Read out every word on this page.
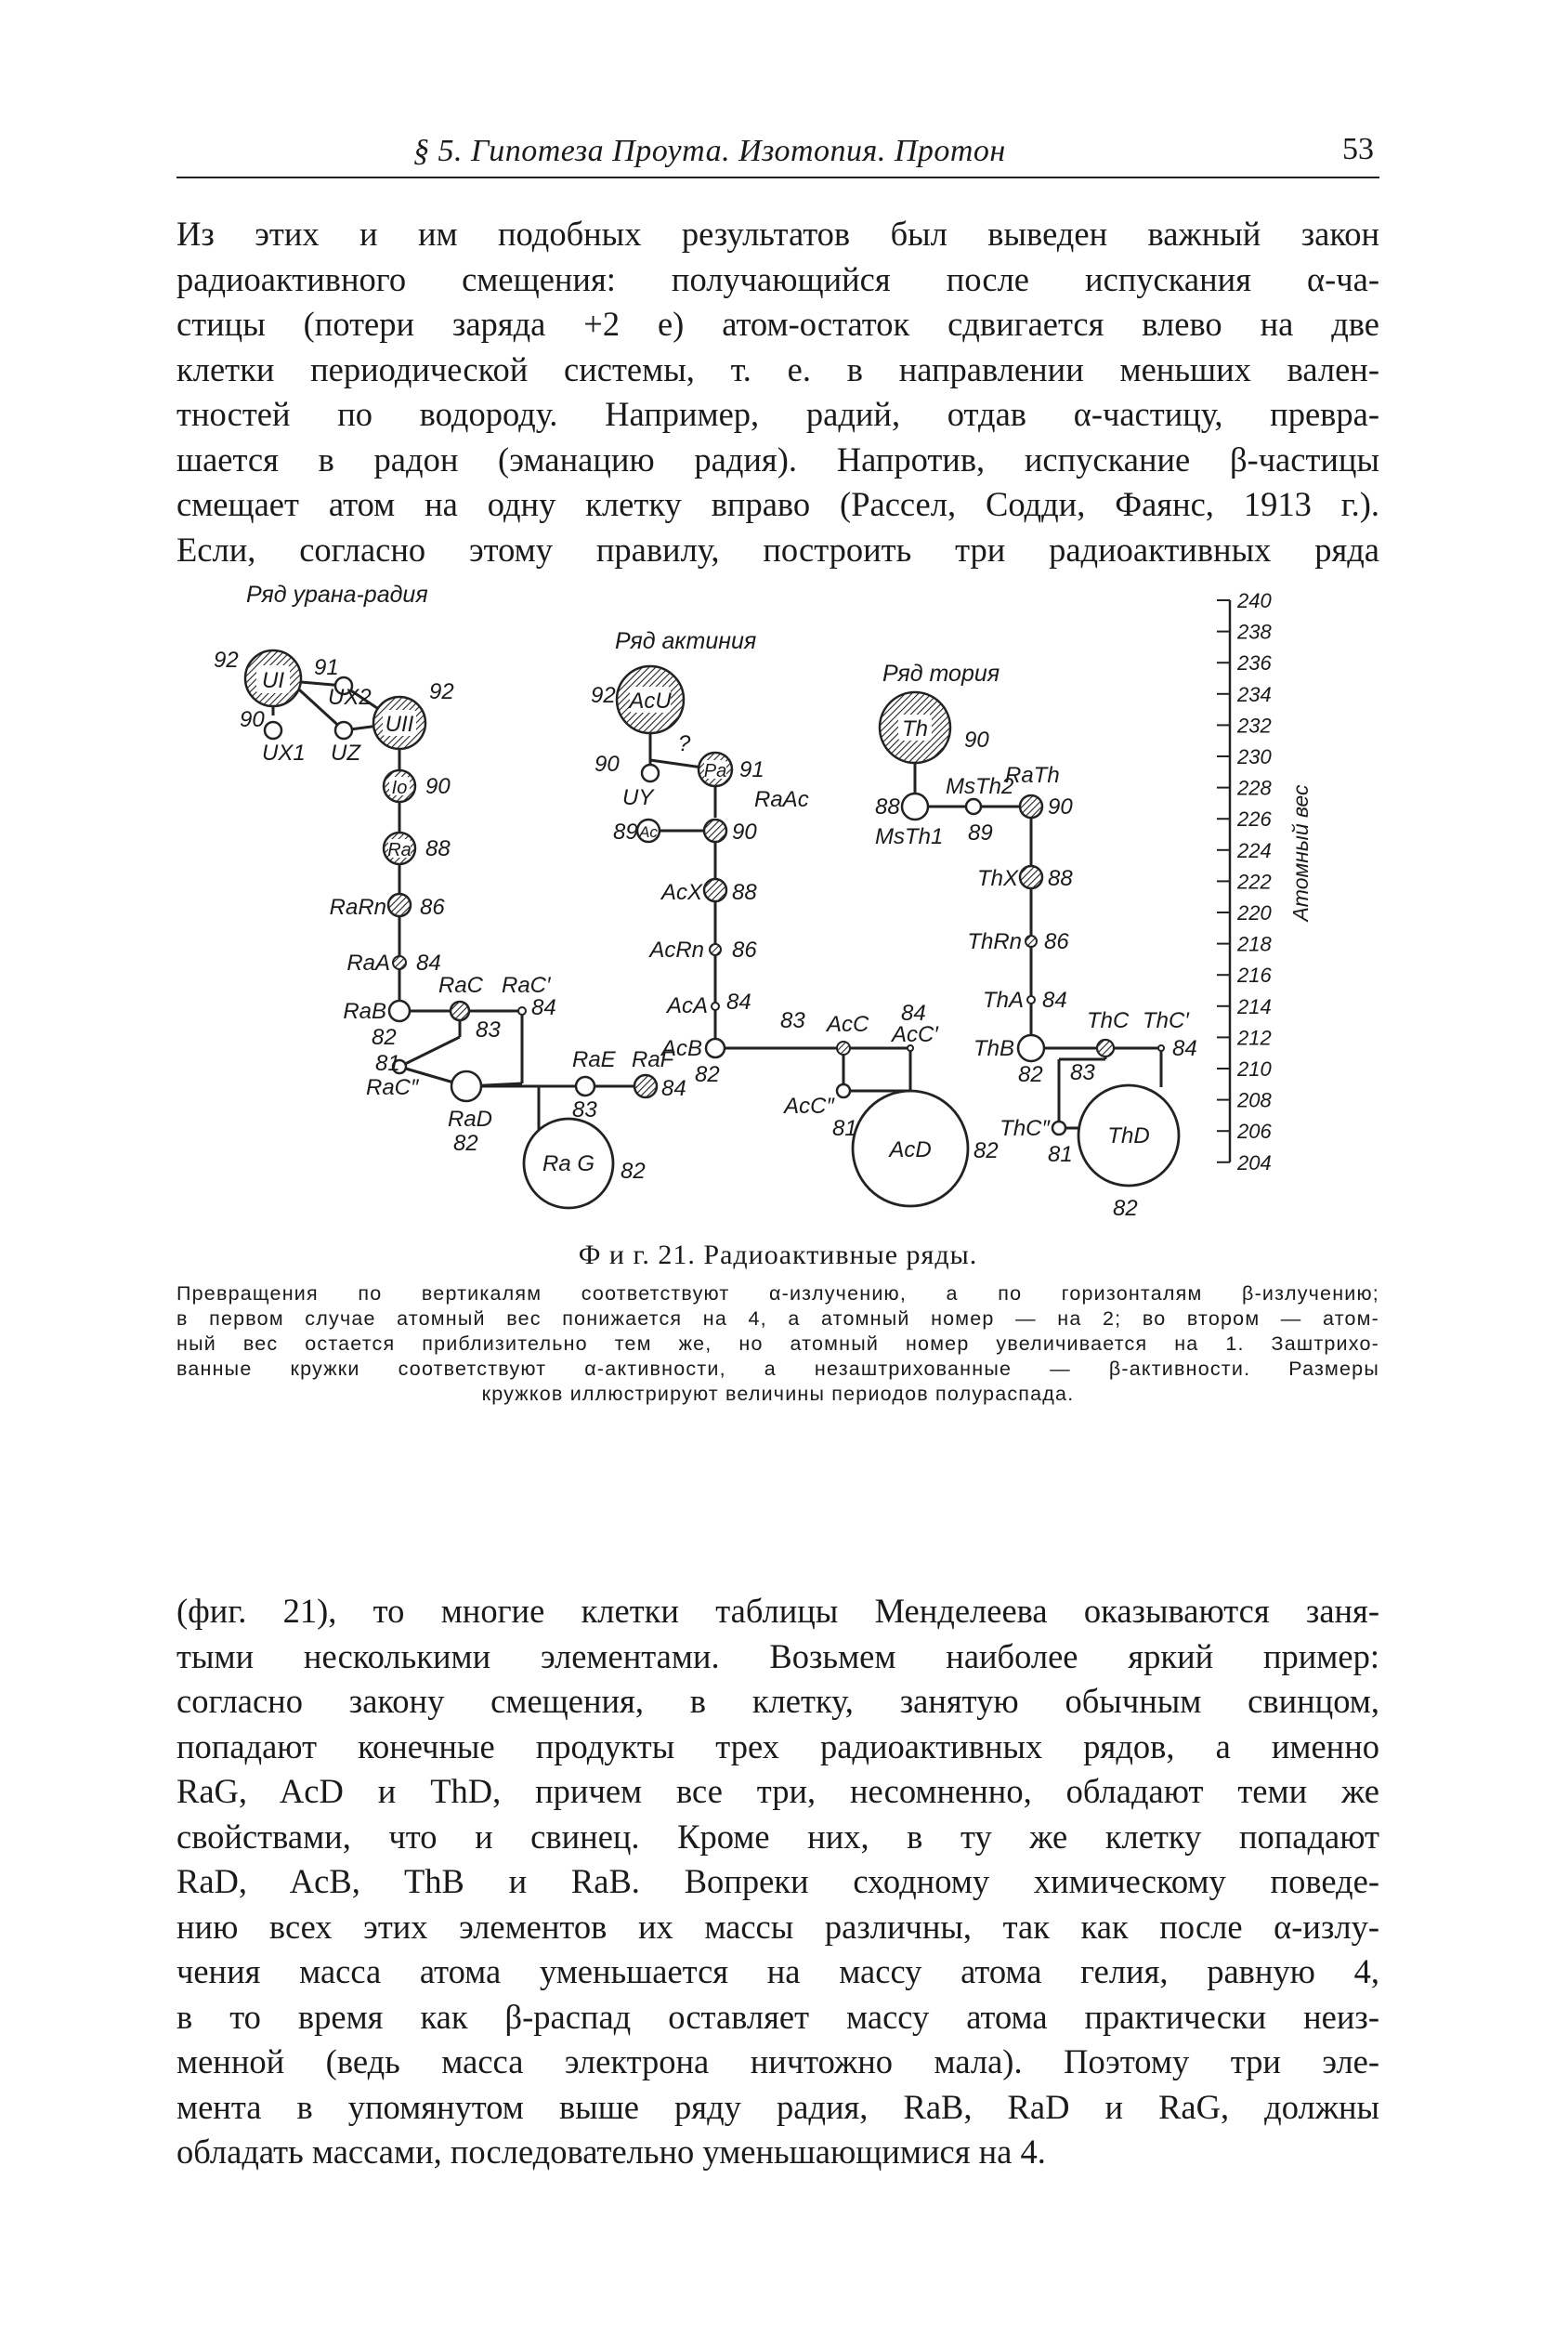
§ 5. Гипотеза Проута. Изотопия. Протон	53
Из этих и им подобных результатов был выведен важный закон
радиоактивного смещения: получающийся после испускания α-ча-
стицы (потери заряда +2 e) атом-остаток сдвигается влево на две
клетки периодической системы, т. е. в направлении меньших вален-
тностей по водороду. Например, радий, отдав α-частицу, превра-
шается в радон (эманацию радия). Напротив, испускание β-частицы
смещает атом на одну клетку вправо (Рассел, Содди, Фаянс, 1913 г.).
Если, согласно этому правилу, построить три радиоактивных ряда
UI
UII
Io
Ra
Ряд урана-радия
92	91
UX2	92
90
UX1 UZ
90
88
RaRn 86
RaA 84
RaB
82
RaC
83
RaC′
84
81
RaC″
RaD
82
83
RaE RaF
84
Ra G 82
AcU
Pa
Ac
Ряд актиния
92
?
90
UY
91
RaAc
90
89
AcX 88
AcRn 86
AcA 84
83 AcC 84
AcC′
AcB
82
AcC″
81
AcD 82
Th
Ряд тория
90
MsTh2
RaTh
90
88
MsTh1 89
ThX 88
ThRn 86
ThA 84
ThC ThC′
84
ThB
82 83
ThC″
81
ThD
82
240
238
236
234
232
230
228
226
224
222
220
218
216
214
212
210
208
206
204
Атомный вес
Ф и г. 21. Радиоактивные ряды.
Превращения по вертикалям соответствуют α-излучению, а по горизонталям β-излучению;
в первом случае атомный вес понижается на 4, а атомный номер — на 2; во втором — атом-
ный вес остается приблизительно тем же, но атомный номер увеличивается на 1. Заштрихо-
ванные кружки соответствуют α-активности, а незаштрихованные — β-активности. Размеры
кружков иллюстрируют величины периодов полураспада.
(фиг. 21), то многие клетки таблицы Менделеева оказываются заня-
тыми несколькими элементами. Возьмем наиболее яркий пример:
согласно закону смещения, в клетку, занятую обычным свинцом,
попадают конечные продукты трех радиоактивных рядов, а именно
RaG, AcD и ThD, причем все три, несомненно, обладают теми же
свойствами, что и свинец. Кроме них, в ту же клетку попадают
RaD, AcB, ThB и RaB. Вопреки сходному химическому поведе-
нию всех этих элементов их массы различны, так как после α-излу-
чения масса атома уменьшается на массу атома гелия, равную 4,
в то время как β-распад оставляет массу атома практически неиз-
менной (ведь масса электрона ничтожно мала). Поэтому три эле-
мента в упомянутом выше ряду радия, RaB, RaD и RaG, должны
обладать массами, последовательно уменьшающимися на 4.
